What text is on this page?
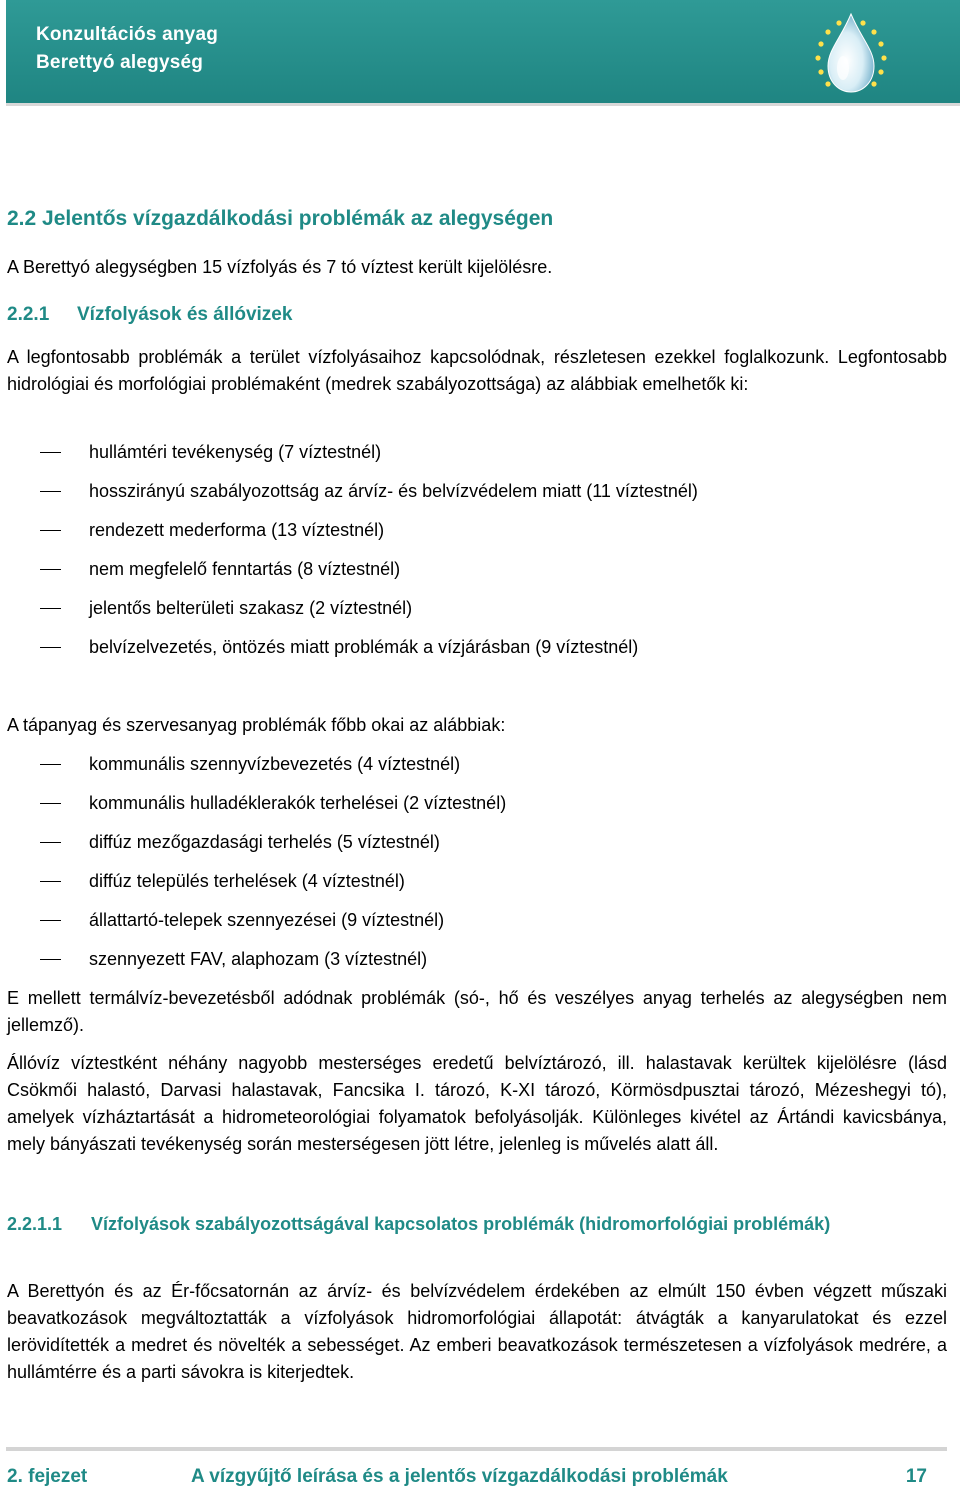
Konzultációs anyag
Berettyó alegység
2.2 Jelentős vízgazdálkodási problémák az alegységen
A Berettyó alegységben 15 vízfolyás és 7 tó víztest került kijelölésre.
2.2.1 Vízfolyások és állóvizek
A legfontosabb problémák a terület vízfolyásaihoz kapcsolódnak, részletesen ezekkel foglalkozunk. Legfontosabb hidrológiai és morfológiai problémaként (medrek szabályozottsága) az alábbiak emelhetők ki:
hullámtéri tevékenység (7 víztestnél)
hosszirányú szabályozottság az árvíz- és belvízvédelem miatt (11 víztestnél)
rendezett mederforma (13 víztestnél)
nem megfelelő fenntartás (8 víztestnél)
jelentős belterületi szakasz (2 víztestnél)
belvízelvezetés, öntözés miatt problémák a vízjárásban (9 víztestnél)
A tápanyag és szervesanyag problémák főbb okai az alábbiak:
kommunális szennyvízbevezetés (4 víztestnél)
kommunális hulladéklerakók terhelései (2 víztestnél)
diffúz mezőgazdasági terhelés (5 víztestnél)
diffúz település terhelések (4 víztestnél)
állattartó-telepek szennyezései (9 víztestnél)
szennyezett FAV, alaphozam (3 víztestnél)
E mellett termálvíz-bevezetésből adódnak problémák (só-, hő és veszélyes anyag terhelés az alegységben nem jellemző).
Állóvíz víztestként néhány nagyobb mesterséges eredetű belvíztározó, ill. halastavak kerültek kijelölésre (lásd Csökmői halastó, Darvasi halastavak, Fancsika I. tározó, K-XI tározó, Körmösdpusztai tározó, Mézeshegyi tó), amelyek vízháztartását a hidrometeorológiai folyamatok befolyásolják. Különleges kivétel az Ártándi kavicsbánya, mely bányászati tevékenység során mesterségesen jött létre, jelenleg is művelés alatt áll.
2.2.1.1 Vízfolyások szabályozottságával kapcsolatos problémák (hidromorfológiai problémák)
A Berettyón és az Ér-főcsatornán az árvíz- és belvízvédelem érdekében az elmúlt 150 évben végzett műszaki beavatkozások megváltoztatták a vízfolyások hidromorfológiai állapotát: átvágták a kanyarulatokat és ezzel lerövidítették a medret és növelték a sebességet. Az emberi beavatkozások természetesen a vízfolyások medrére, a hullámtérre és a parti sávokra is kiterjedtek.
2. fejezet	A vízgyűjtő leírása és a jelentős vízgazdálkodási problémák	17
